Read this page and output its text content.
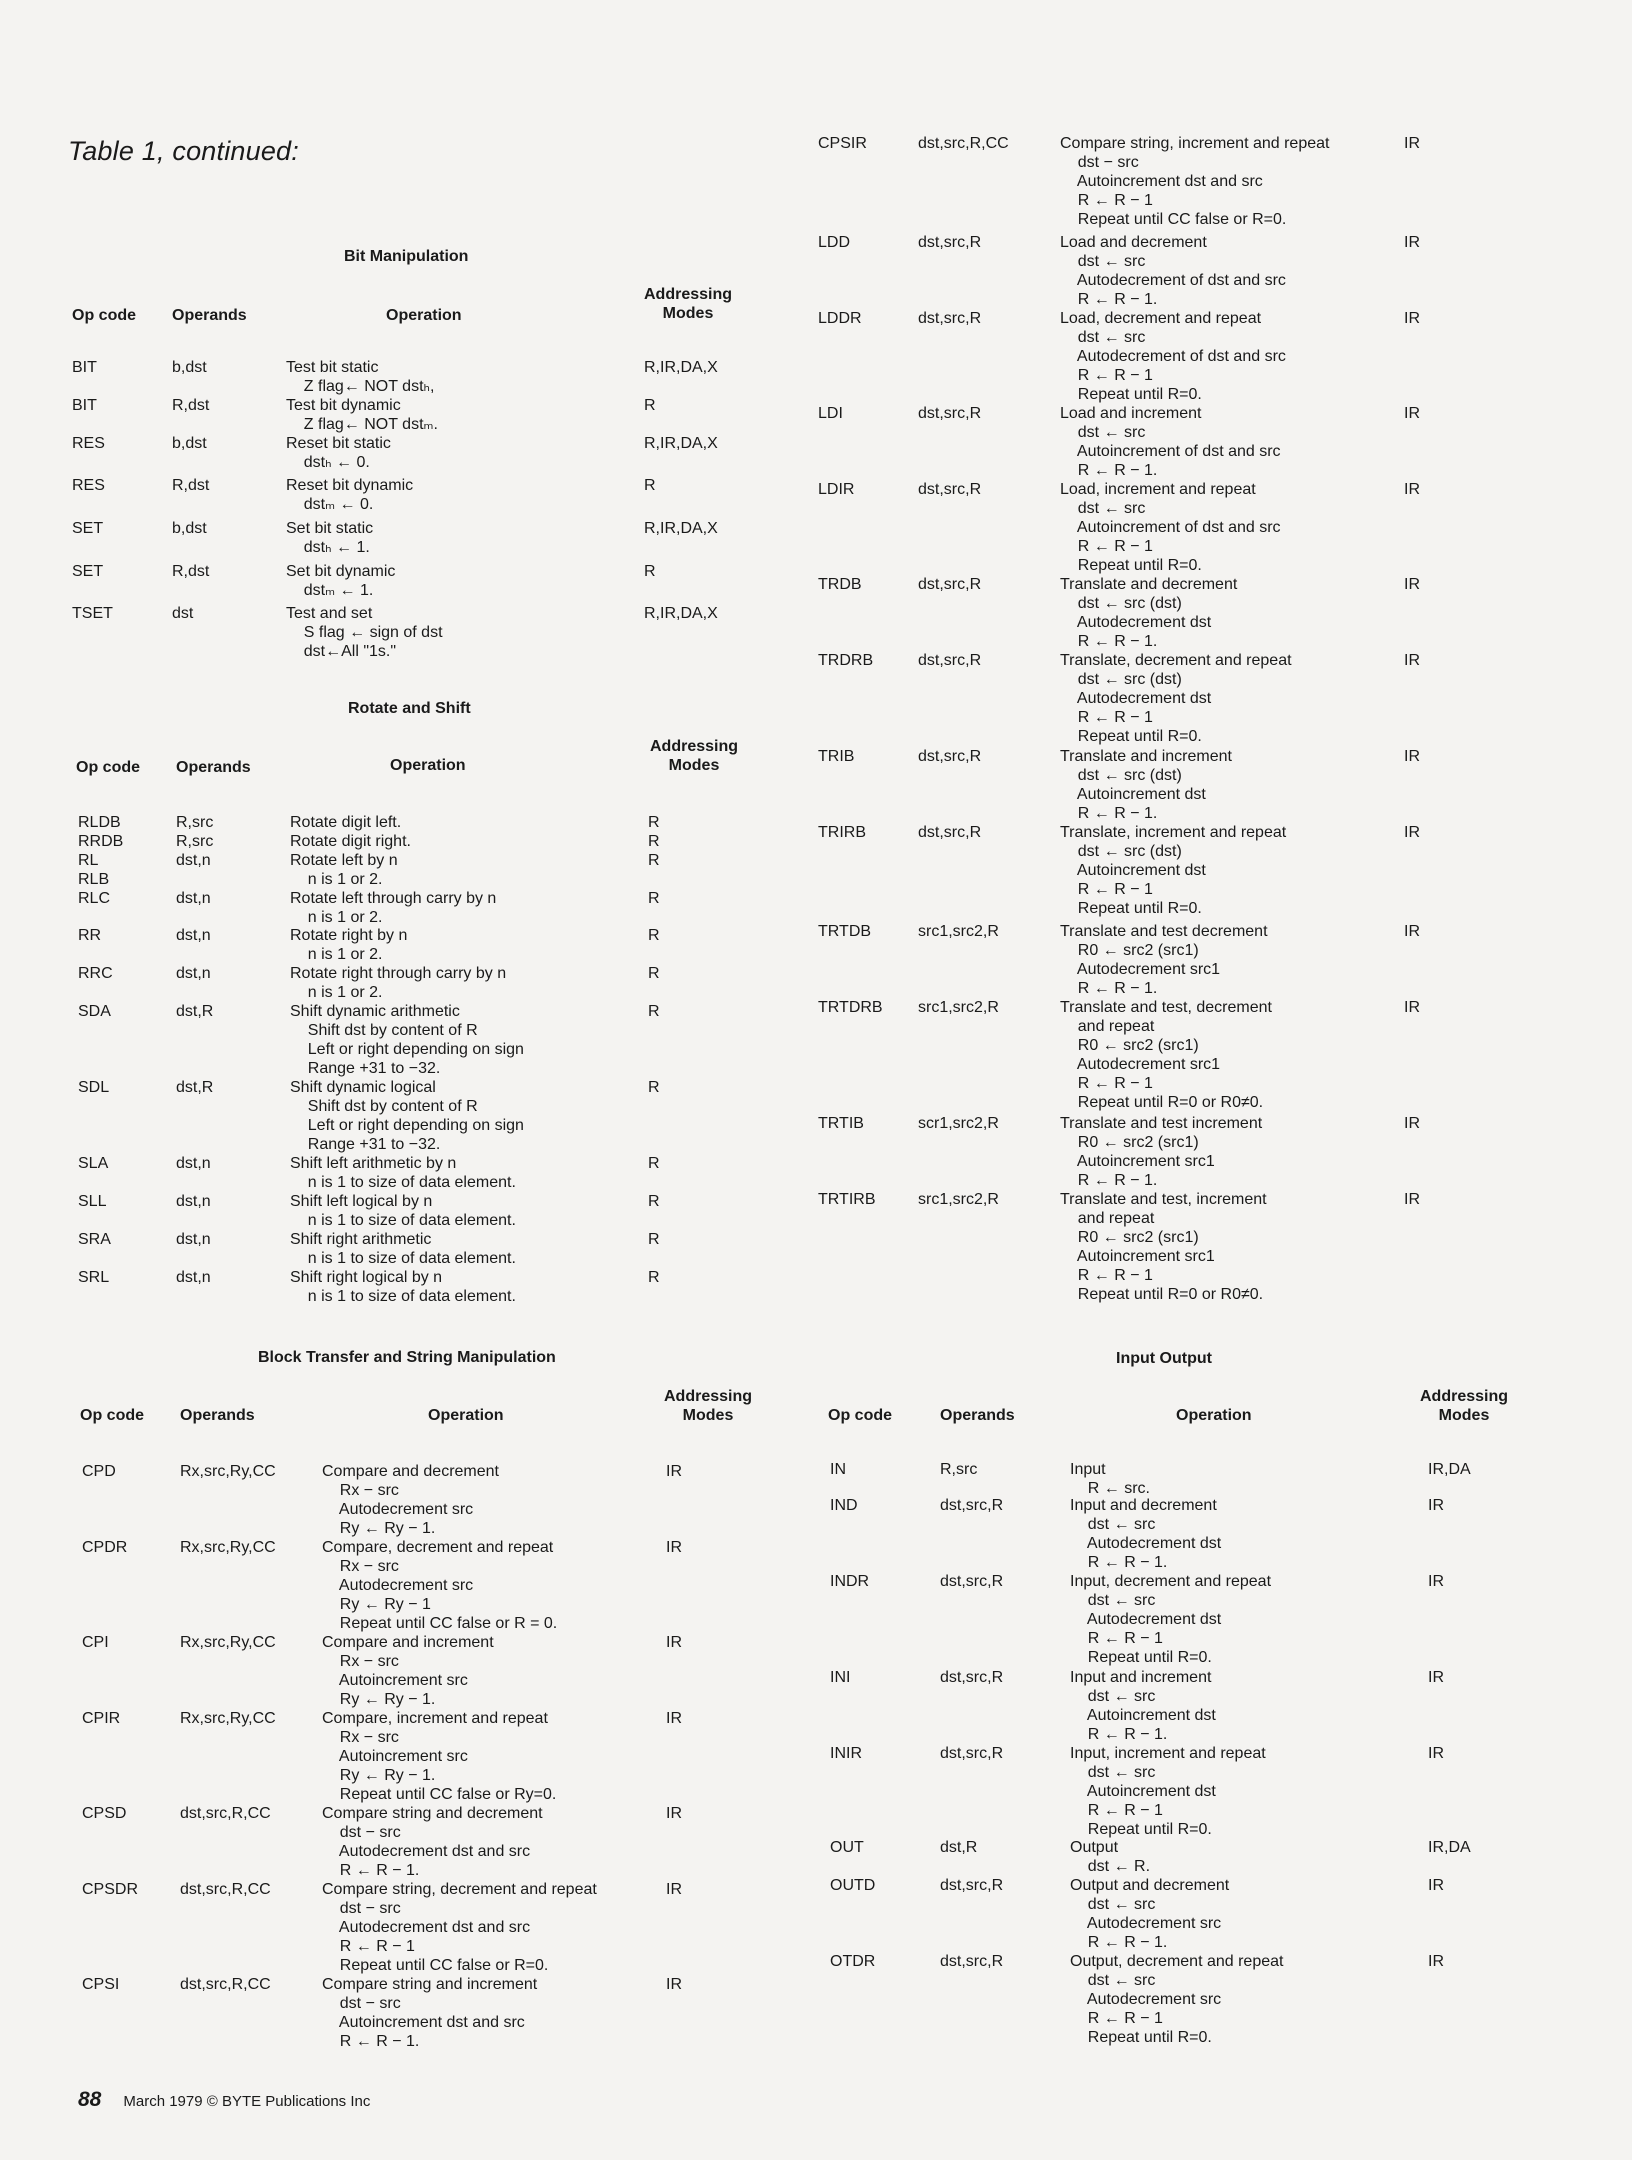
Table 1, continued:
Bit Manipulation
Op code Operands	Operation
Addressing
Modes
BIT	b,dst	Test bit static
Z flag← NOT dstₕ,
R,IR,DA,X
BIT	R,dst	Test bit dynamic
Z flag← NOT dstₘ.
R
RES	b,dst	Reset bit static
dstₕ ← 0.
R,IR,DA,X
RES	R,dst	Reset bit dynamic
dstₘ ← 0.
R
SET	b,dst	Set bit static
dstₕ ← 1.
R,IR,DA,X
SET	R,dst	Set bit dynamic
dstₘ ← 1.
R
TSET	dst	Test and set
S flag ← sign of dst
dst←All "1s."
R,IR,DA,X
Rotate and Shift
Op code Operands	Operation
Addressing
Modes
RLDB	R,src	Rotate digit left.	R
RRDB	R,src	Rotate digit right.	R
RL	dst,n	Rotate left by n	R
RLB	n is 1 or 2.
RLC	dst,n	Rotate left through carry by n
n is 1 or 2.
R
RR	dst,n	Rotate right by n
n is 1 or 2.
R
RRC	dst,n	Rotate right through carry by n
n is 1 or 2.
R
SDA	dst,R	Shift dynamic arithmetic
Shift dst by content of R
Left or right depending on sign
Range +31 to −32.
R
SDL	dst,R	Shift dynamic logical
Shift dst by content of R
Left or right depending on sign
Range +31 to −32.
R
SLA	dst,n	Shift left arithmetic by n
n is 1 to size of data element.
R
SLL	dst,n	Shift left logical by n
n is 1 to size of data element.
R
SRA	dst,n	Shift right arithmetic
n is 1 to size of data element.
R
SRL	dst,n	Shift right logical by n
n is 1 to size of data element.
R
Block Transfer and String Manipulation
Op code Operands	Operation
Addressing
Modes
CPD	Rx,src,Ry,CC	Compare and decrement
Rx − src
Autodecrement src
Ry ← Ry − 1.
IR
CPDR	Rx,src,Ry,CC	Compare, decrement and repeat
Rx − src
Autodecrement src
Ry ← Ry − 1
Repeat until CC false or R = 0.
IR
CPI	Rx,src,Ry,CC	Compare and increment
Rx − src
Autoincrement src
Ry ← Ry − 1.
IR
CPIR	Rx,src,Ry,CC	Compare, increment and repeat
Rx − src
Autoincrement src
Ry ← Ry − 1.
Repeat until CC false or Ry=0.
IR
CPSD	dst,src,R,CC	Compare string and decrement
dst − src
Autodecrement dst and src
R ← R − 1.
IR
CPSDR	dst,src,R,CC	Compare string, decrement and repeat
dst − src
Autodecrement dst and src
R ← R − 1
Repeat until CC false or R=0.
IR
CPSI	dst,src,R,CC	Compare string and increment
dst − src
Autoincrement dst and src
R ← R − 1.
IR
CPSIR	dst,src,R,CC	Compare string, increment and repeat
dst − src
Autoincrement dst and src
R ← R − 1
Repeat until CC false or R=0.
IR
LDD	dst,src,R	Load and decrement
dst ← src
Autodecrement of dst and src
R ← R − 1.
IR
LDDR	dst,src,R	Load, decrement and repeat
dst ← src
Autodecrement of dst and src
R ← R − 1
Repeat until R=0.
IR
LDI	dst,src,R	Load and increment
dst ← src
Autoincrement of dst and src
R ← R − 1.
IR
LDIR	dst,src,R	Load, increment and repeat
dst ← src
Autoincrement of dst and src
R ← R − 1
Repeat until R=0.
IR
TRDB	dst,src,R	Translate and decrement
dst ← src (dst)
Autodecrement dst
R ← R − 1.
IR
TRDRB	dst,src,R	Translate, decrement and repeat
dst ← src (dst)
Autodecrement dst
R ← R − 1
Repeat until R=0.
IR
TRIB	dst,src,R	Translate and increment
dst ← src (dst)
Autoincrement dst
R ← R − 1.
IR
TRIRB	dst,src,R	Translate, increment and repeat
dst ← src (dst)
Autoincrement dst
R ← R − 1
Repeat until R=0.
IR
TRTDB	src1,src2,R	Translate and test decrement
R0 ← src2 (src1)
Autodecrement src1
R ← R − 1.
IR
TRTDRB src1,src2,R	Translate and test, decrement
and repeat
R0 ← src2 (src1)
Autodecrement src1
R ← R − 1
Repeat until R=0 or R0≠0.
IR
TRTIB	scr1,src2,R	Translate and test increment
R0 ← src2 (src1)
Autoincrement src1
R ← R − 1.
IR
TRTIRB	src1,src2,R	Translate and test, increment
and repeat
R0 ← src2 (src1)
Autoincrement src1
R ← R − 1
Repeat until R=0 or R0≠0.
IR
Input Output
Op code	Operands	Operation
Addressing
Modes
IN	R,src	Input
R ← src.
IR,DA
IND	dst,src,R	Input and decrement
dst ← src
Autodecrement dst
R ← R − 1.
IR
INDR	dst,src,R	Input, decrement and repeat
dst ← src
Autodecrement dst
R ← R − 1
Repeat until R=0.
IR
INI	dst,src,R	Input and increment
dst ← src
Autoincrement dst
R ← R − 1.
IR
INIR	dst,src,R	Input, increment and repeat
dst ← src
Autoincrement dst
R ← R − 1
Repeat until R=0.
IR
OUT	dst,R	Output
dst ← R.
IR,DA
OUTD	dst,src,R	Output and decrement
dst ← src
Autodecrement src
R ← R − 1.
IR
OTDR	dst,src,R	Output, decrement and repeat
dst ← src
Autodecrement src
R ← R − 1
Repeat until R=0.
IR
88 March 1979 © BYTE Publications Inc
